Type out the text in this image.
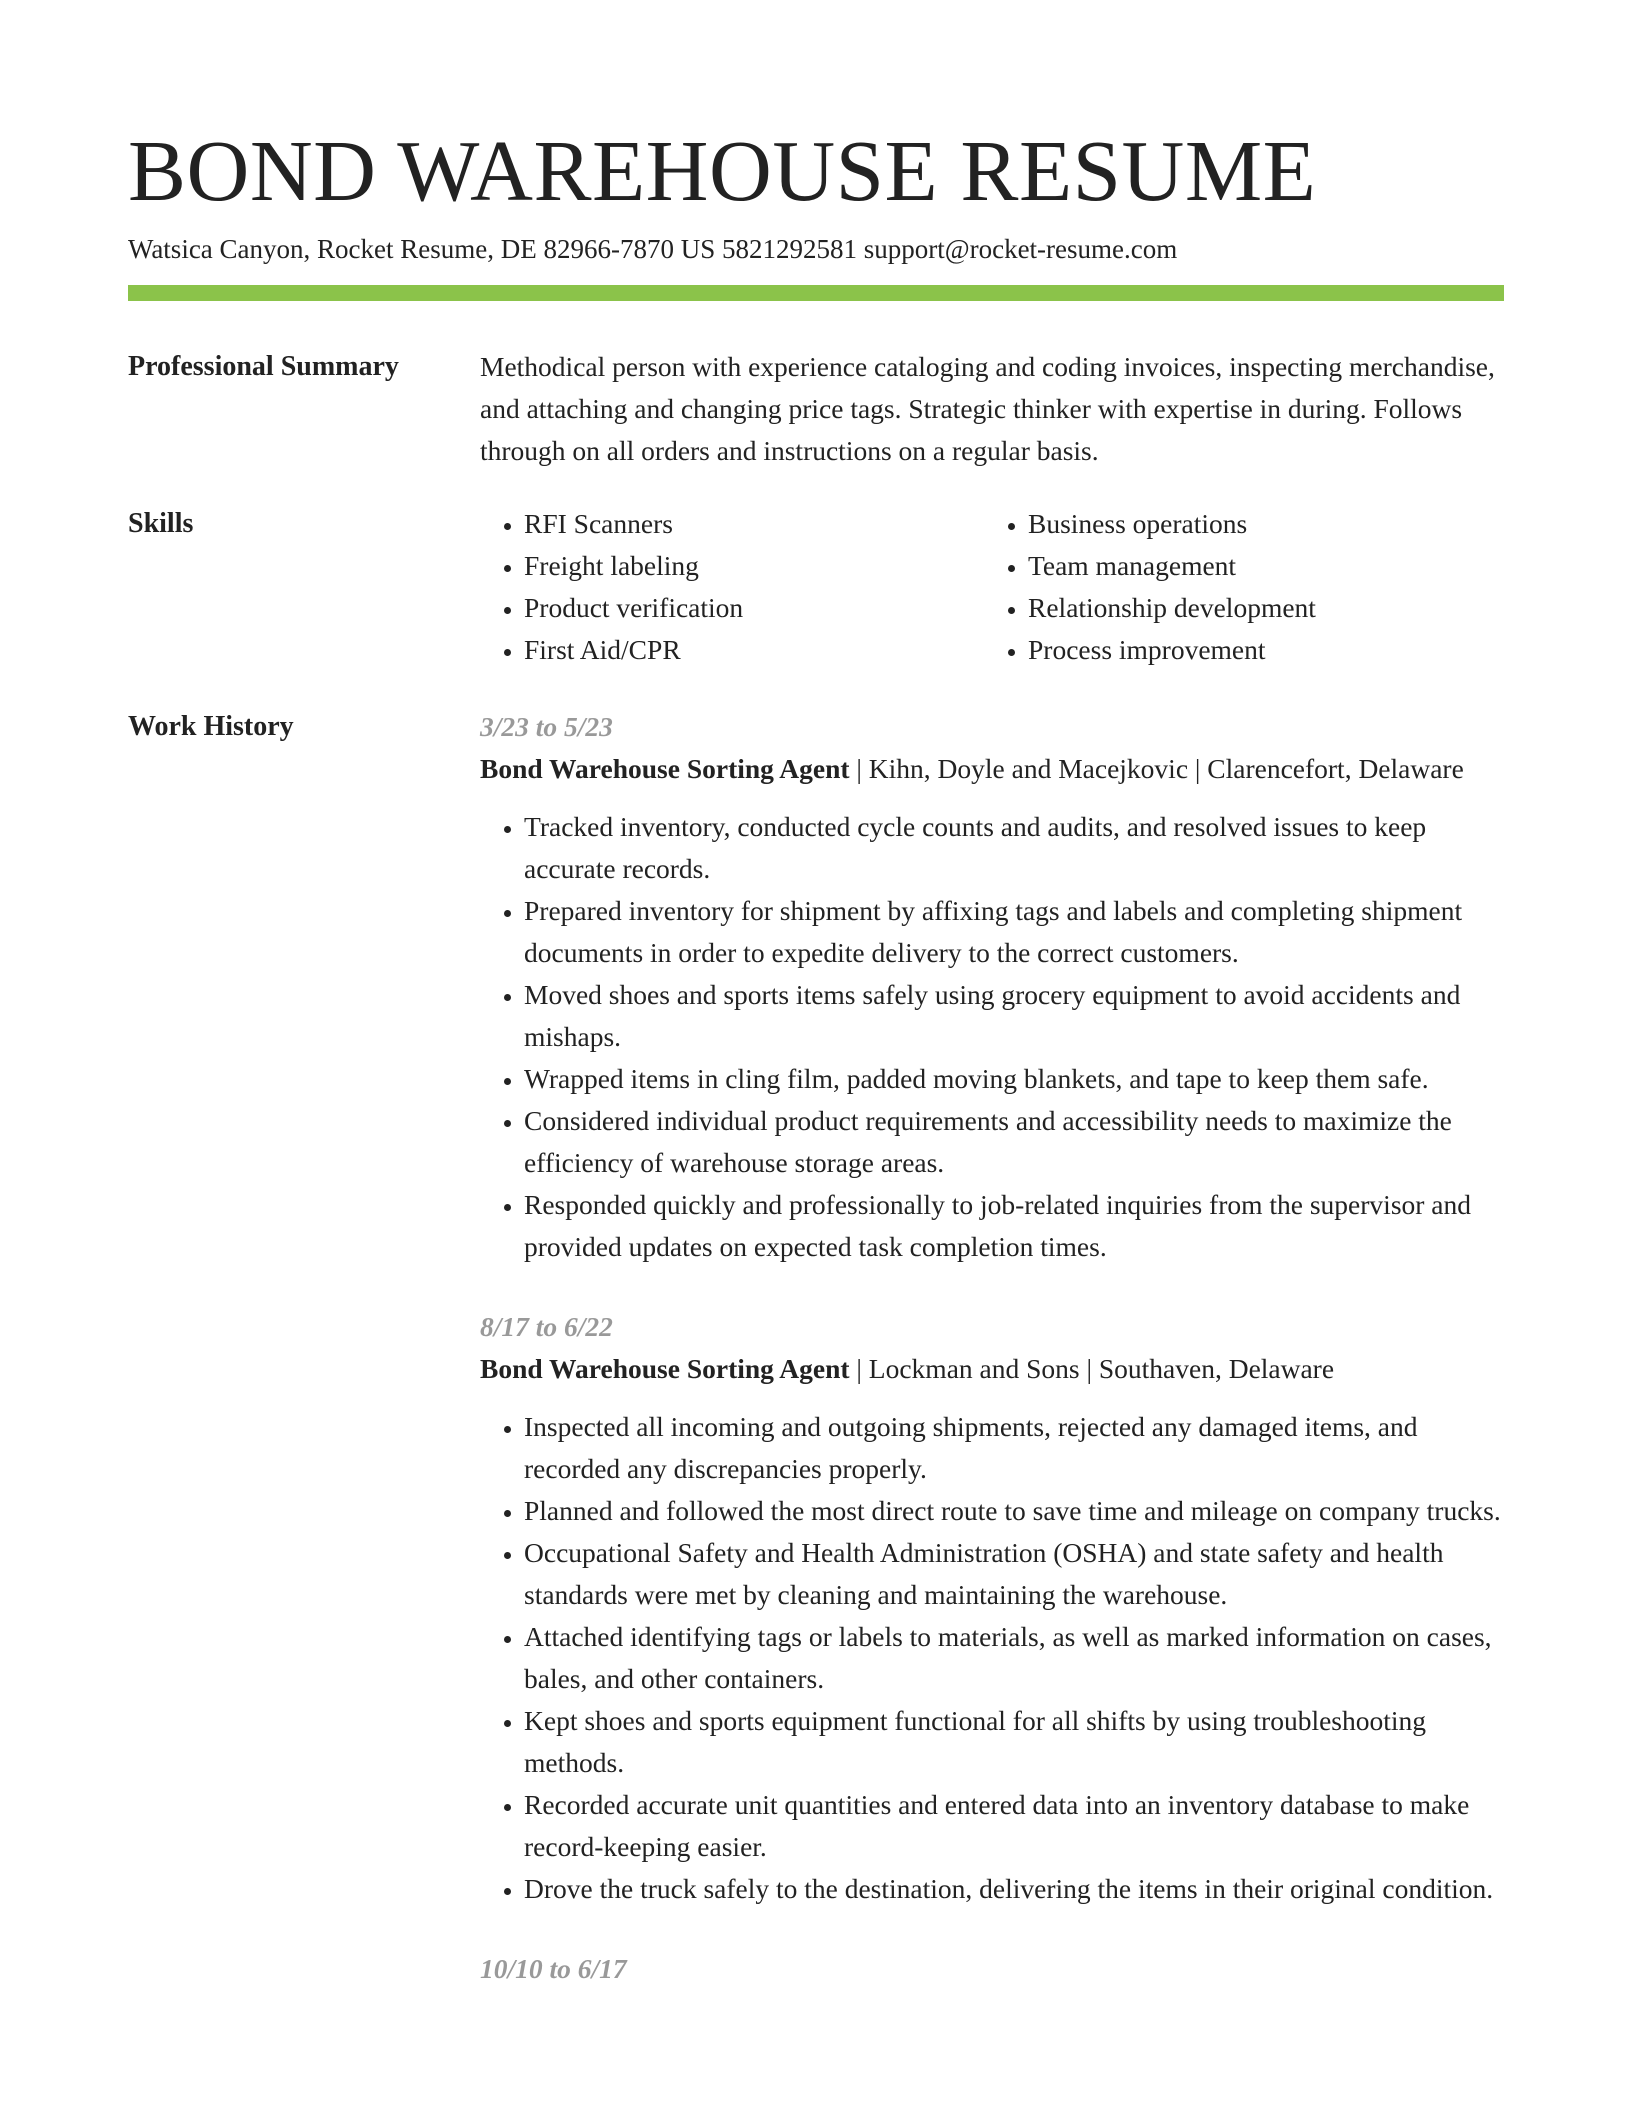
BOND WAREHOUSE RESUME
Watsica Canyon, Rocket Resume, DE 82966-7870 US 5821292581 support@rocket-resume.com
Professional Summary	Methodical person with experience cataloging and coding invoices, inspecting merchandise, and attaching and changing price tags. Strategic thinker with expertise in during. Follows through on all orders and instructions on a regular basis.

Skills
•	RFI Scanners
• Freight labeling
• Product verification
• First Aid/CPR
• Business operations
• Team management
• Relationship development
• Process improvement
Work History	3/23 to 5/23
Bond Warehouse Sorting Agent | Kihn, Doyle and Macejkovic | Clarencefort, Delaware
• Tracked inventory, conducted cycle counts and audits, and resolved issues to keep accurate records.
• Prepared inventory for shipment by affixing tags and labels and completing shipment documents in order to expedite delivery to the correct customers.
• Moved shoes and sports items safely using grocery equipment to avoid accidents and mishaps.
• Wrapped items in cling film, padded moving blankets, and tape to keep them safe.
• Considered individual product requirements and accessibility needs to maximize the efficiency of warehouse storage areas.
• Responded quickly and professionally to job-related inquiries from the supervisor and provided updates on expected task completion times.
8/17 to 6/22
Bond Warehouse Sorting Agent | Lockman and Sons | Southaven, Delaware
• Inspected all incoming and outgoing shipments, rejected any damaged items, and recorded any discrepancies properly.
• Planned and followed the most direct route to save time and mileage on company trucks.
• Occupational Safety and Health Administration (OSHA) and state safety and health standards were met by cleaning and maintaining the warehouse.
• Attached identifying tags or labels to materials, as well as marked information on cases, bales, and other containers.
• Kept shoes and sports equipment functional for all shifts by using troubleshooting methods.
• Recorded accurate unit quantities and entered data into an inventory database to make record-keeping easier.
• Drove the truck safely to the destination, delivering the items in their original condition.
10/10 to 6/17
